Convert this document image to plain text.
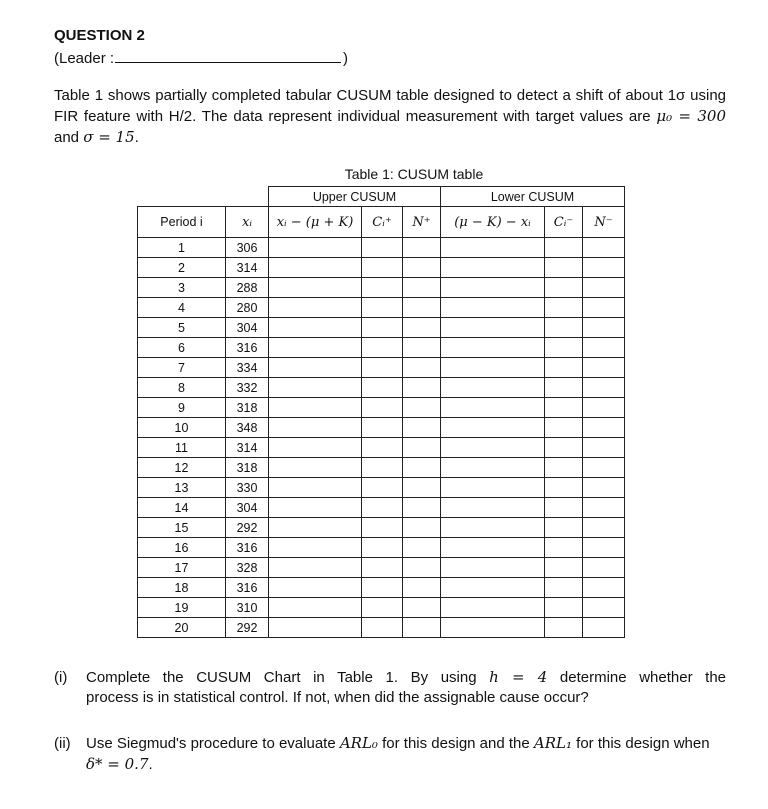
QUESTION 2
(Leader :	)
Table 1 shows partially completed tabular CUSUM table designed to detect a shift of about 1σ using FIR feature with H/2. The data represent individual measurement with target values are μ₀ = 300 and σ = 15.
Table 1: CUSUM table
		Upper CUSUM			Lower CUSUM		
Period i	xᵢ	xᵢ − (μ + K)	Cᵢ⁺	N⁺	(μ − K) − xᵢ	Cᵢ⁻	N⁻
1	306						
2	314						
3	288						
4	280						
5	304						
6	316						
7	334						
8	332						
9	318						
10	348						
11	314						
12	318						
13	330						
14	304						
15	292						
16	316						
17	328						
18	316						
19	310						
20	292						
(i) Complete the CUSUM Chart in Table 1. By using h = 4 determine whether the
process is in statistical control. If not, when did the assignable cause occur?
(ii) Use Siegmud's procedure to evaluate ARL₀ for this design and the ARL₁ for this design when
δ* = 0.7.
